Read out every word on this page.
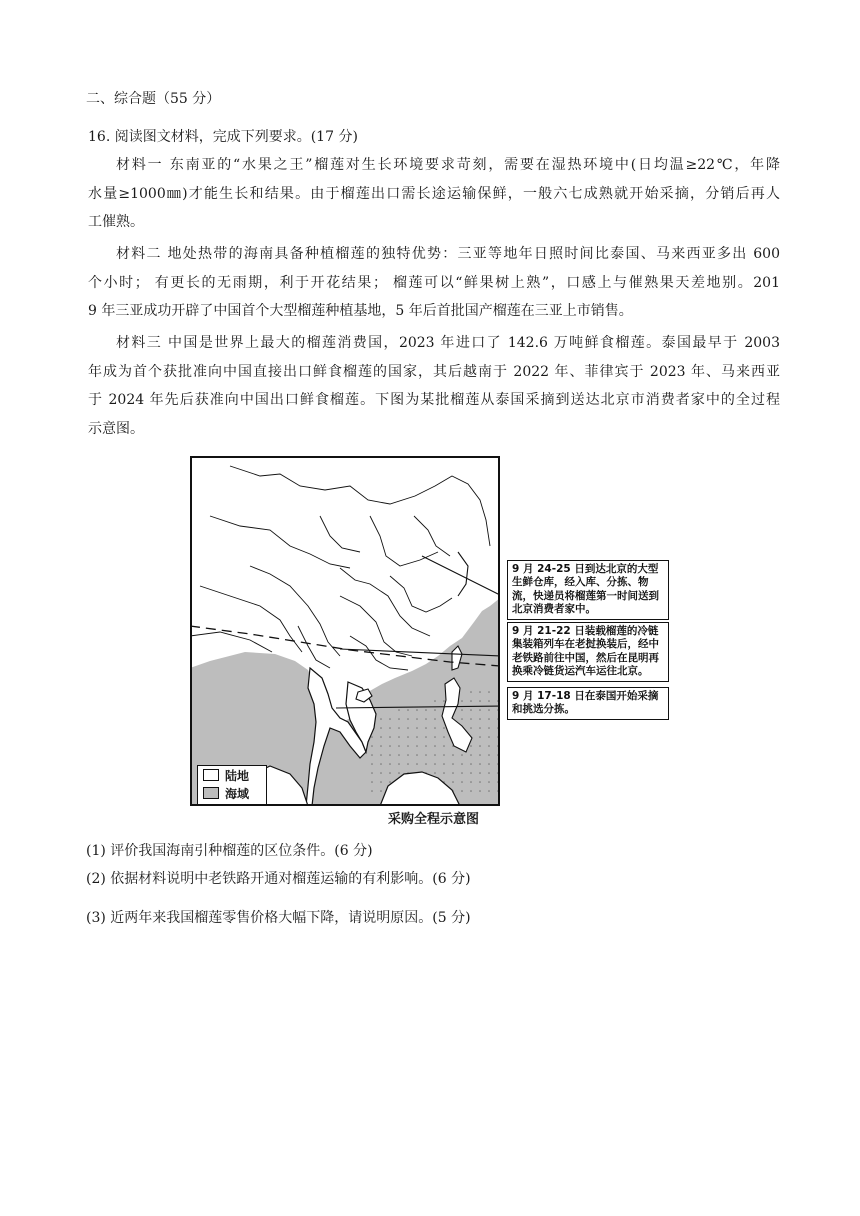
二、综合题（55 分）
16. 阅读图文材料，完成下列要求。(17 分)

材料一 东南亚的“水果之王”榴莲对生长环境要求苛刻，需要在湿热环境中(日均温≥22℃，年降

水量≥1000㎜)才能生长和结果。由于榴莲出口需长途运输保鲜，一般六七成熟就开始采摘，分销后再人

工催熟。

材料二 地处热带的海南具备种植榴莲的独特优势：三亚等地年日照时间比泰国、马来西亚多出 600

个小时； 有更长的无雨期，利于开花结果； 榴莲可以“鲜果树上熟”，口感上与催熟果天差地别。201

9 年三亚成功开辟了中国首个大型榴莲种植基地，5 年后首批国产榴莲在三亚上市销售。

材料三 中国是世界上最大的榴莲消费国，2023 年进口了 142.6 万吨鲜食榴莲。泰国最早于 2003

年成为首个获批准向中国直接出口鲜食榴莲的国家，其后越南于 2022 年、菲律宾于 2023 年、马来西亚

于 2024 年先后获准向中国出口鲜食榴莲。下图为某批榴莲从泰国采摘到送达北京市消费者家中的全过程

示意图。

9 月 24-25 日到达北京的大型生鲜仓库，经入库、分拣、物流，快递员将榴莲第一时间送到北京消费者家中。
9 月 21-22 日装载榴莲的冷链集装箱列车在老挝换装后，经中老铁路前往中国，然后在昆明再换乘冷链货运汽车运往北京。
9 月 17-18 日在泰国开始采摘和挑选分拣。
陆地
海域
采购全程示意图
(1) 评价我国海南引种榴莲的区位条件。(6 分)
(2) 依据材料说明中老铁路开通对榴莲运输的有利影响。(6 分)
(3) 近两年来我国榴莲零售价格大幅下降，请说明原因。(5 分)
